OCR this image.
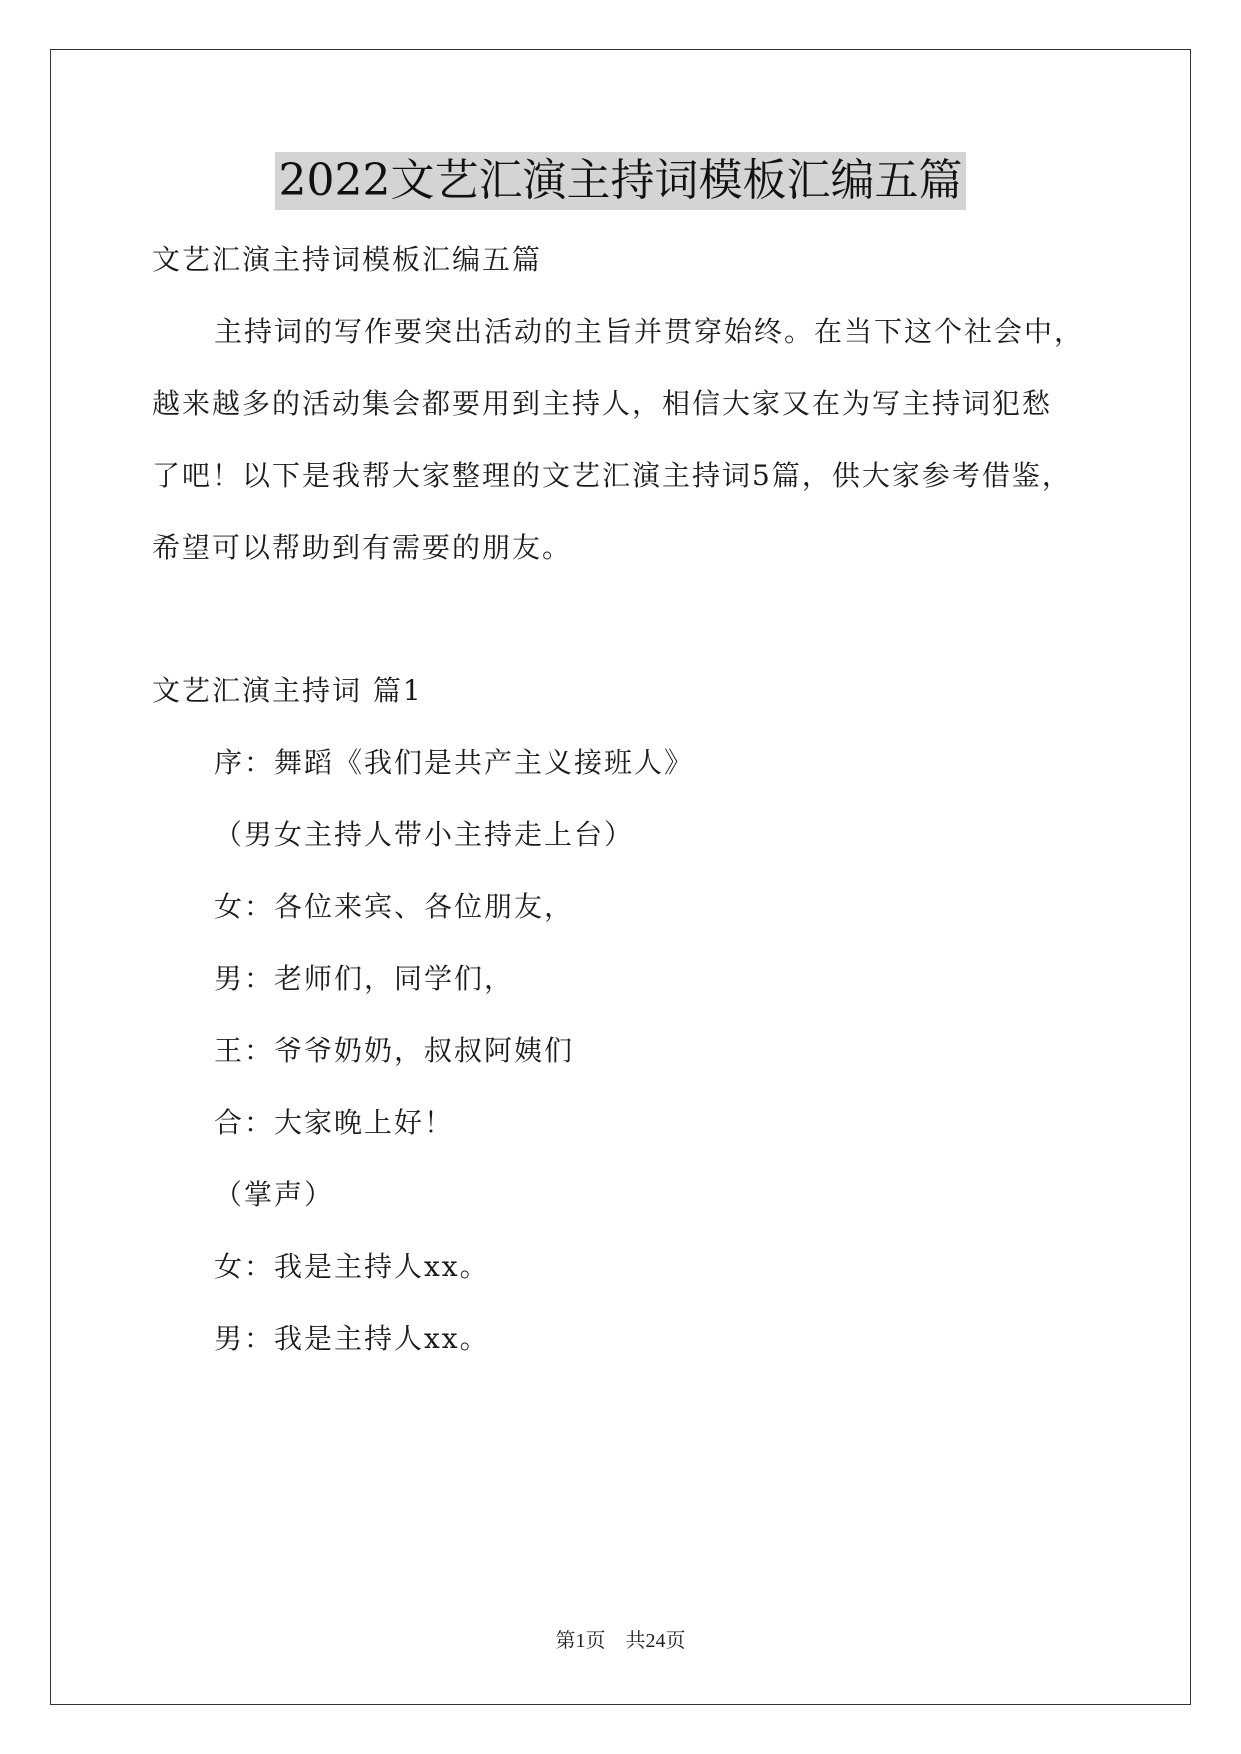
2022文艺汇演主持词模板汇编五篇
文艺汇演主持词模板汇编五篇
主持词的写作要突出活动的主旨并贯穿始终。在当下这个社会中，
越来越多的活动集会都要用到主持人，相信大家又在为写主持词犯愁
了吧！以下是我帮大家整理的文艺汇演主持词5篇，供大家参考借鉴，
希望可以帮助到有需要的朋友。
文艺汇演主持词 篇1
序：舞蹈《我们是共产主义接班人》
（男女主持人带小主持走上台）
女：各位来宾、各位朋友，
男：老师们，同学们，
王：爷爷奶奶，叔叔阿姨们
合：大家晚上好！
（掌声）
女：我是主持人xx。
男：我是主持人xx。
第1页 共24页
